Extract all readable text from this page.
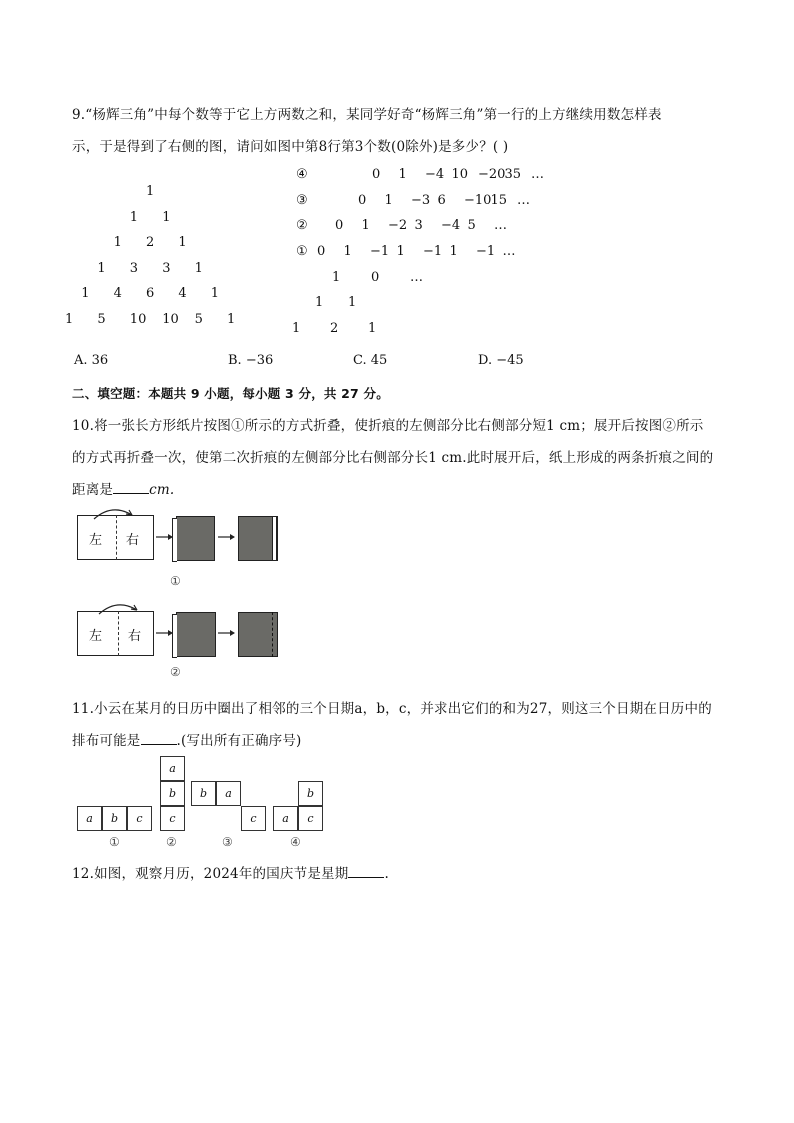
9.“杨辉三角”中每个数等于它上方两数之和，某同学好奇“杨辉三角”第一行的上方继续用数怎样表
示，于是得到了右侧的图，请问如图中第8行第3个数(0除外)是多少？( )
1
1 1
1 2 1
1 3 3 1
1 4 6 4 1
1 5 10 10 5 1
④	0 1 −4 10 −20 35 …
③	0 1 −3 6 −10 15 …
② 0 1 −2 3 −4 5 …
① 0 1 −1 1 −1 1 −1 …
1 0 …
1 1
1 2 1
A. 36	B. −36	C. 45	D. −45
二、填空题：本题共 9 小题，每小题 3 分，共 27 分。
10.将一张长方形纸片按图①所示的方式折叠，使折痕的左侧部分比右侧部分短1 cm；展开后按图②所示
的方式再折叠一次，使第二次折痕的左侧部分比右侧部分长1 cm.此时展开后，纸上形成的两条折痕之间的
距离是	cm.
左 右
①
左 右
②
11.小云在某月的日历中圈出了相邻的三个日期a，b，c，并求出它们的和为27，则这三个日期在日历中的
排布可能是	.(写出所有正确序号)
a	b	c
①
a
b
c
②
b	a
c
③
b
a	c
④
12.如图，观察月历，2024年的国庆节是星期	.
